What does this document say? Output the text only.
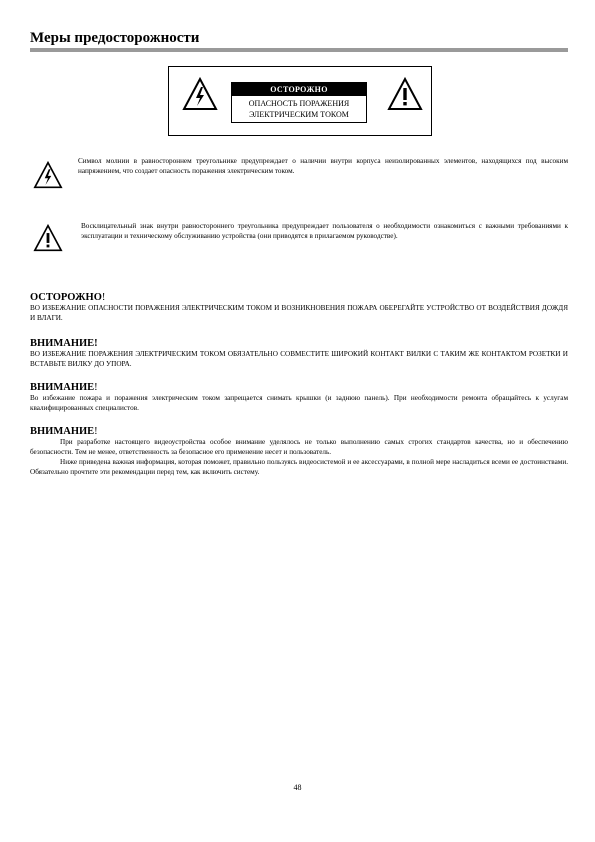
Меры предосторожности
ОСТОРОЖНО
ОПАСНОСТЬ ПОРАЖЕНИЯ
ЭЛЕКТРИЧЕСКИМ ТОКОМ

Символ молнии в равностороннем треугольнике предупреждает о наличии внутри корпуса неизолированных элементов, находящихся под высоким напряжением, что создает опасность поражения электрическим током.

Восклицательный знак внутри равностороннего треугольника предупреждает пользователя о необходимости ознакомиться с важными требованиями к эксплуатации и техническому обслуживанию устройства (они приводятся в прилагаемом руководстве).

ОСТОРОЖНО!

ВО ИЗБЕЖАНИЕ ОПАСНОСТИ ПОРАЖЕНИЯ ЭЛЕКТРИЧЕСКИМ ТОКОМ И ВОЗНИКНОВЕНИЯ ПОЖАРА ОБЕРЕГАЙТЕ УСТРОЙСТВО ОТ ВОЗДЕЙСТВИЯ ДОЖДЯ И ВЛАГИ.

ВНИМАНИЕ!

ВО ИЗБЕЖАНИЕ ПОРАЖЕНИЯ ЭЛЕКТРИЧЕСКИМ ТОКОМ ОБЯЗАТЕЛЬНО СОВМЕСТИТЕ ШИРОКИЙ КОНТАКТ ВИЛКИ С ТАКИМ ЖЕ КОНТАКТОМ РОЗЕТКИ И ВСТАВЬТЕ ВИЛКУ ДО УПОРА.

ВНИМАНИЕ!

Во избежание пожара и поражения электрическим током запрещается снимать крышки (и заднюю панель). При необходимости ремонта обращайтесь к услугам квалифицированных специалистов.

ВНИМАНИЕ!

При разработке настоящего видеоустройства особое внимание уделялось не только выполнению самых строгих стандартов качества, но и обеспечению безопасности. Тем не менее, ответственность за безопасное его применение несет и пользователь.

Ниже приведена важная информация, которая поможет, правильно пользуясь видеосистемой и ее аксессуарами, в полной мере насладиться всеми ее достоинствами. Обязательно прочтите эти рекомендации перед тем, как включить систему.

48
